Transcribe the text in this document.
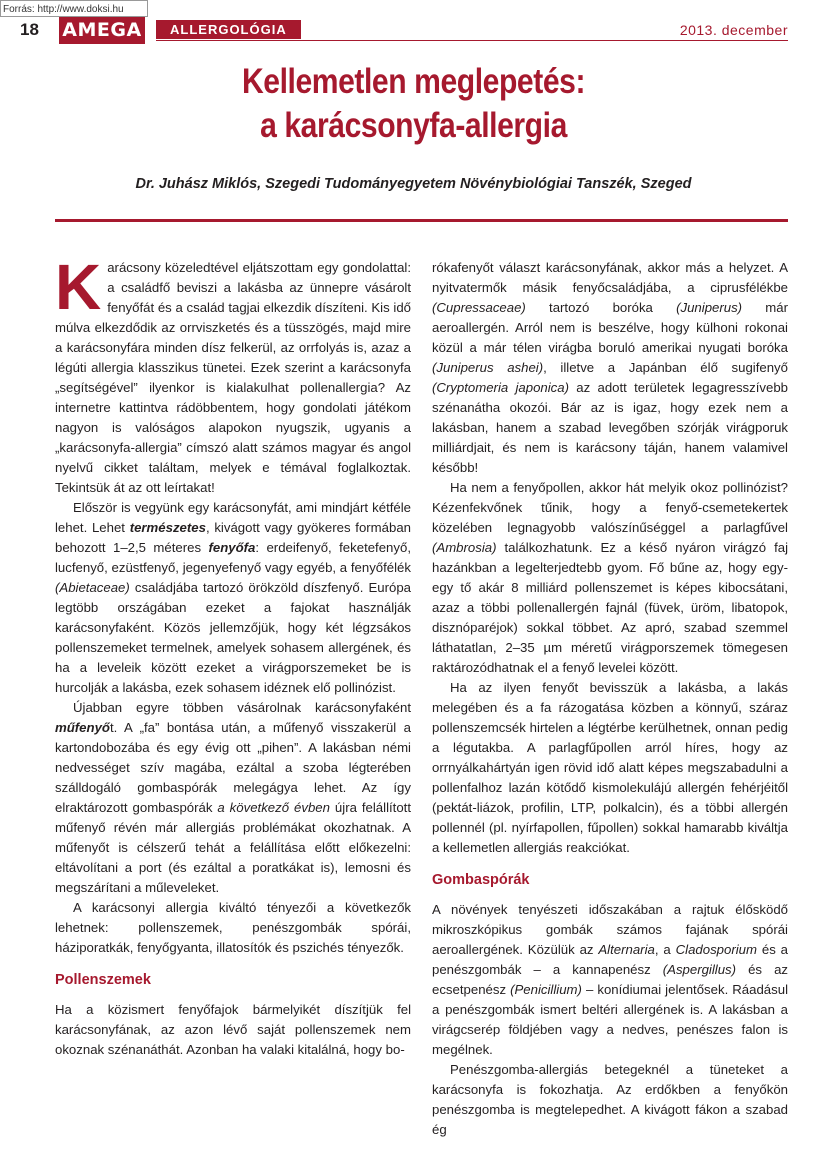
Forrás: http://www.doksi.hu
18 AMEGA	ALLERGOLÓGIA	2013. december
Kellemetlen meglepetés:
a karácsonyfa-allergia
Dr. Juhász Miklós, Szegedi Tudományegyetem Növénybiológiai Tanszék, Szeged

Karácsony közeledtével eljátszottam egy gondolattal: a családfő beviszi a lakásba az ünnepre vásárolt fenyőfát és a család tagjai elkezdik díszíteni. Kis idő múlva elkezdődik az orrviszketés és a tüsszögés, majd mire a karácsonyfára minden dísz felkerül, az orrfolyás is, azaz a légúti allergia klasszikus tünetei. Ezek szerint a karácsonyfa „segítségével” ilyenkor is kialakulhat pollenallergia? Az internetre kattintva rádöbbentem, hogy gondolati játékom nagyon is valóságos alapokon nyugszik, ugyanis a „karácsonyfa-allergia” címszó alatt számos magyar és angol nyelvű cikket találtam, melyek e témával foglalkoztak. Tekintsük át az ott leírtakat!

Először is vegyünk egy karácsonyfát, ami mindjárt kétféle lehet. Lehet természetes, kivágott vagy gyökeres formában behozott 1–2,5 méteres fenyőfa: erdeifenyő, feketefenyő, lucfenyő, ezüstfenyő, jegenyefenyő vagy egyéb, a fenyőfélék (Abietaceae) családjába tartozó örökzöld díszfenyő. Európa legtöbb országában ezeket a fajokat használják karácsonyfaként. Közös jellemzőjük, hogy két légzsákos pollenszemeket termelnek, amelyek sohasem allergének, és ha a leveleik között ezeket a virágporszemeket be is hurcolják a lakásba, ezek sohasem idéznek elő pollinózist.

Újabban egyre többen vásárolnak karácsonyfaként műfenyőt. A „fa” bontása után, a műfenyő visszakerül a kartondobozába és egy évig ott „pihen”. A lakásban némi nedvességet szív magába, ezáltal a szoba légterében szálldogáló gombaspórák melegágya lehet. Az így elraktározott gombaspórák a következő évben újra felállított műfenyő révén már allergiás problémákat okozhatnak. A műfenyőt is célszerű tehát a felállítása előtt előkezelni: eltávolítani a port (és ezáltal a poratkákat is), lemosni és megszárítani a műleveleket.

A karácsonyi allergia kiváltó tényezői a következők lehetnek: pollenszemek, penészgombák spórái, háziporatkák, fenyőgyanta, illatosítók és pszichés tényezők.

Pollenszemek

Ha a közismert fenyőfajok bármelyikét díszítjük fel karácsonyfának, az azon lévő saját pollenszemek nem okoznak szénanáthát. Azonban ha valaki kitalálná, hogy bo-

rókafenyőt választ karácsonyfának, akkor más a helyzet. A nyitvatermők másik fenyőcsaládjába, a ciprusfélékbe (Cupressaceae) tartozó boróka (Juniperus) már aeroallergén. Arról nem is beszélve, hogy külhoni rokonai közül a már télen virágba boruló amerikai nyugati boróka (Juniperus ashei), illetve a Japánban élő sugifenyő (Cryptomeria japonica) az adott területek legagresszívebb szénanátha okozói. Bár az is igaz, hogy ezek nem a lakásban, hanem a szabad levegőben szórják virágporuk milliárdjait, és nem is karácsony táján, hanem valamivel később!

Ha nem a fenyőpollen, akkor hát melyik okoz pollinózist? Kézenfekvőnek tűnik, hogy a fenyő-csemetekertek közelében legnagyobb valószínűséggel a parlagfűvel (Ambrosia) találkozhatunk. Ez a késő nyáron virágzó faj hazánkban a legelterjedtebb gyom. Fő bűne az, hogy egy-egy tő akár 8 milliárd pollenszemet is képes kibocsátani, azaz a többi pollenallergén fajnál (füvek, üröm, libatopok, disznóparéjok) sokkal többet. Az apró, szabad szemmel láthatatlan, 2–35 µm méretű virágporszemek tömegesen raktározódhatnak el a fenyő levelei között.

Ha az ilyen fenyőt bevisszük a lakásba, a lakás melegében és a fa rázogatása közben a könnyű, száraz pollenszemcsék hirtelen a légtérbe kerülhetnek, onnan pedig a légutakba. A parlagfűpollen arról híres, hogy az orrnyálkahártyán igen rövid idő alatt képes megszabadulni a pollenfalhoz lazán kötődő kismolekulájú allergén fehérjéitől (pektát-liázok, profilin, LTP, polkalcin), és a többi allergén pollennél (pl. nyírfapollen, fűpollen) sokkal hamarabb kiváltja a kellemetlen allergiás reakciókat.

Gombaspórák

A növények tenyészeti időszakában a rajtuk élősködő mikroszkópikus gombák számos fajának spórái aeroallergének. Közülük az Alternaria, a Cladosporium és a penészgombák – a kannapenész (Aspergillus) és az ecsetpenész (Penicillium) – konídiumai jelentősek. Ráadásul a penészgombák ismert beltéri allergének is. A lakásban a virágcserép földjében vagy a nedves, penészes falon is megélnek.

Penészgomba-allergiás betegeknél a tüneteket a karácsonyfa is fokozhatja. Az erdőkben a fenyőkön penészgomba is megtelepedhet. A kivágott fákon a szabad ég
